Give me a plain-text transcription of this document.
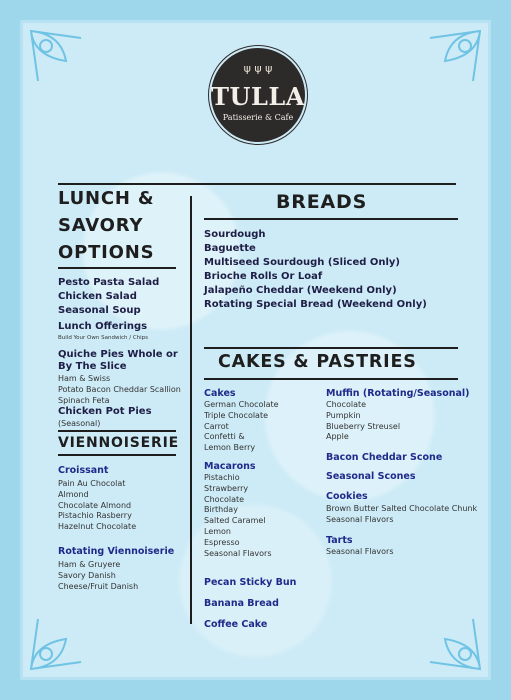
ψ ψ ψ
TULLA
Patisserie & Cafe
LUNCH &
SAVORY
OPTIONS
Pesto Pasta Salad
Chicken Salad
Seasonal Soup
Lunch Offerings
Build Your Own Sandwich / Chips
Quiche Pies Whole or
By The Slice
Ham & Swiss
Potato Bacon Cheddar Scallion
Spinach Feta
Chicken Pot Pies
(Seasonal)
VIENNOISERIE
Croissant
Pain Au Chocolat
Almond
Chocolate Almond
Pistachio Rasberry
Hazelnut Chocolate
Rotating Viennoiserie
Ham & Gruyere
Savory Danish
Cheese/Fruit Danish
BREADS
Sourdough
Baguette
Multiseed Sourdough (Sliced Only)
Brioche Rolls Or Loaf
Jalapeño Cheddar (Weekend Only)
Rotating Special Bread (Weekend Only)
CAKES & PASTRIES
Cakes
German Chocolate
Triple Chocolate
Carrot
Confetti &
Lemon Berry
Macarons
Pistachio
Strawberry
Chocolate
Birthday
Salted Caramel
Lemon
Espresso
Seasonal Flavors
Pecan Sticky Bun
Banana Bread
Coffee Cake
Muffin (Rotating/Seasonal)
Chocolate
Pumpkin
Blueberry Streusel
Apple
Bacon Cheddar Scone
Seasonal Scones
Cookies
Brown Butter Salted Chocolate Chunk
Seasonal Flavors
Tarts
Seasonal Flavors
